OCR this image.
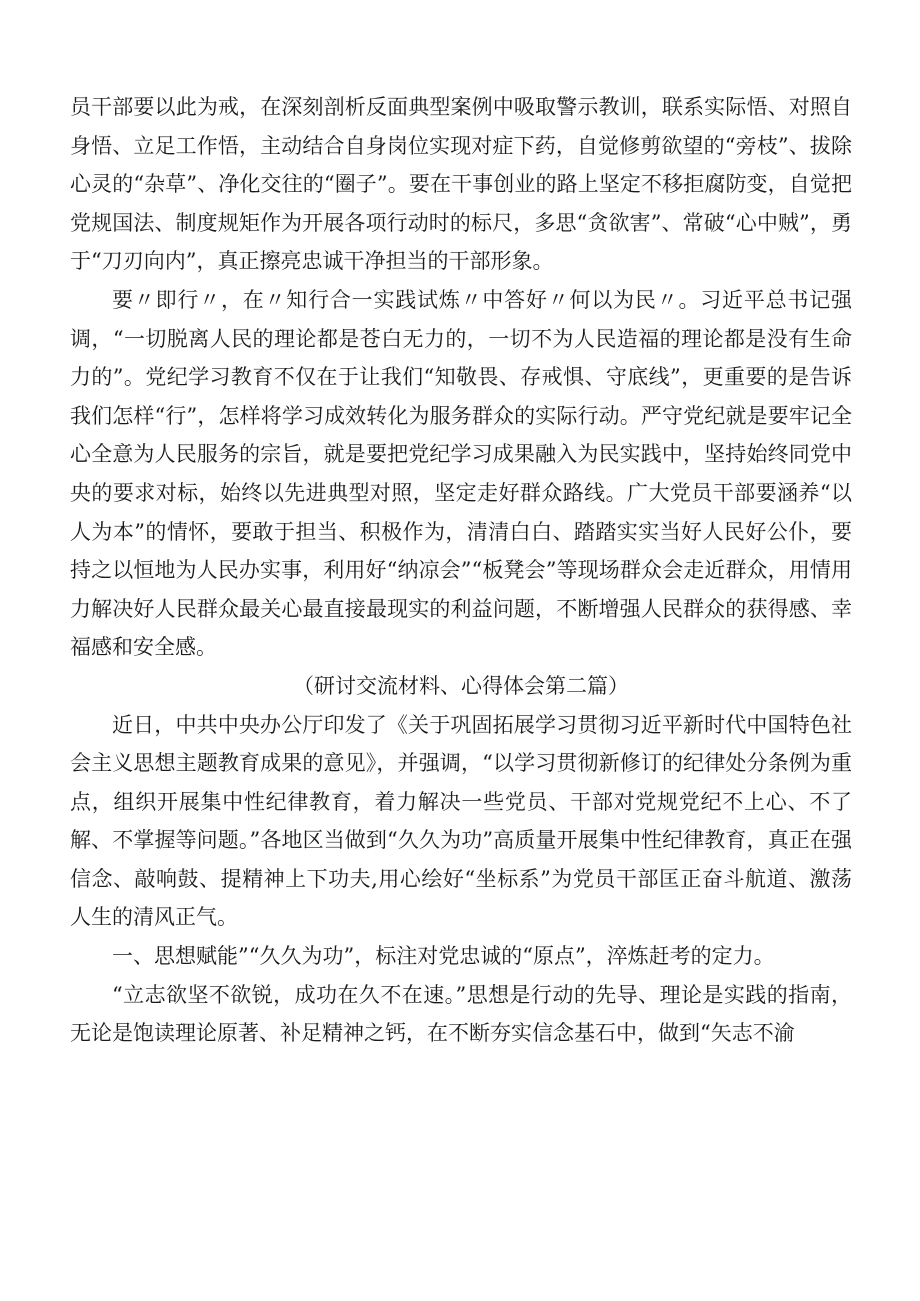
员干部要以此为戒，在深刻剖析反面典型案例中吸取警示教训，联系实际悟、对照自身悟、立足工作悟，主动结合自身岗位实现对症下药，自觉修剪欲望的“旁枝”、拔除心灵的“杂草”、净化交往的“圈子”。要在干事创业的路上坚定不移拒腐防变，自觉把党规国法、制度规矩作为开展各项行动时的标尺，多思“贪欲害”、常破“心中贼”，勇于“刀刃向内”，真正擦亮忠诚干净担当的干部形象。

要〃即行〃，在〃知行合一实践试炼〃中答好〃何以为民〃。习近平总书记强调，“一切脱离人民的理论都是苍白无力的，一切不为人民造福的理论都是没有生命力的”。党纪学习教育不仅在于让我们“知敬畏、存戒惧、守底线”，更重要的是告诉我们怎样“行”，怎样将学习成效转化为服务群众的实际行动。严守党纪就是要牢记全心全意为人民服务的宗旨，就是要把党纪学习成果融入为民实践中，坚持始终同党中央的要求对标，始终以先进典型对照，坚定走好群众路线。广大党员干部要涵养“以人为本”的情怀，要敢于担当、积极作为，清清白白、踏踏实实当好人民好公仆，要持之以恒地为人民办实事，利用好“纳凉会”“板凳会”等现场群众会走近群众，用情用力解决好人民群众最关心最直接最现实的利益问题，不断增强人民群众的获得感、幸福感和安全感。

（研讨交流材料、心得体会第二篇）

近日，中共中央办公厅印发了《关于巩固拓展学习贯彻习近平新时代中国特色社会主义思想主题教育成果的意见》，并强调，“以学习贯彻新修订的纪律处分条例为重点，组织开展集中性纪律教育，着力解决一些党员、干部对党规党纪不上心、不了解、不掌握等问题。”各地区当做到“久久为功”高质量开展集中性纪律教育，真正在强信念、敲响鼓、提精神上下功夫,用心绘好“坐标系”为党员干部匡正奋斗航道、激荡人生的清风正气。

一、思想赋能”“久久为功”，标注对党忠诚的“原点”，淬炼赶考的定力。

“立志欲坚不欲锐，成功在久不在速。”思想是行动的先导、理论是实践的指南，无论是饱读理论原著、补足精神之钙，在不断夯实信念基石中，做到“矢志不渝
